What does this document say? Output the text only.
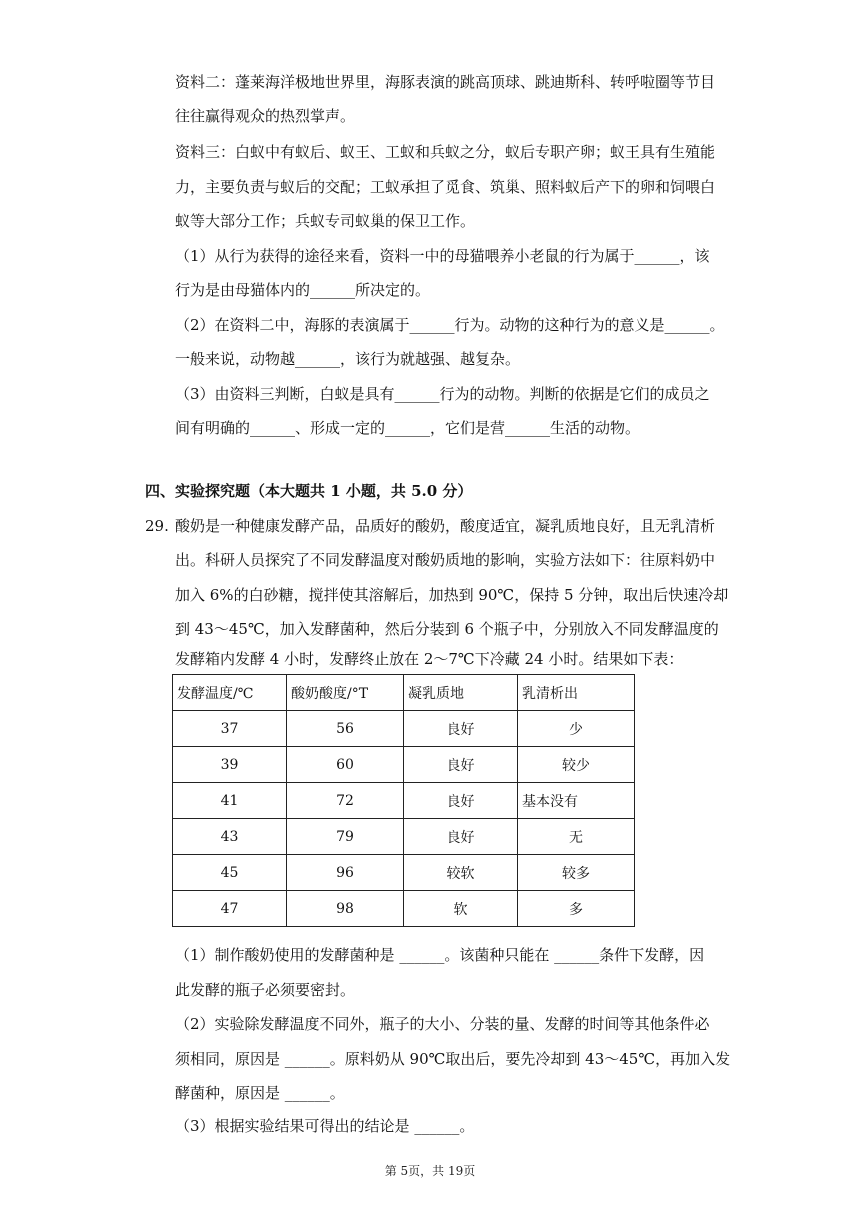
资料二：蓬莱海洋极地世界里，海豚表演的跳高顶球、跳迪斯科、转呼啦圈等节目
往往赢得观众的热烈掌声。
资料三：白蚁中有蚁后、蚁王、工蚁和兵蚁之分，蚁后专职产卵；蚁王具有生殖能
力，主要负责与蚁后的交配；工蚁承担了觅食、筑巢、照料蚁后产下的卵和饲喂白
蚁等大部分工作；兵蚁专司蚁巢的保卫工作。
（1）从行为获得的途径来看，资料一中的母猫喂养小老鼠的行为属于______，该
行为是由母猫体内的______所决定的。
（2）在资料二中，海豚的表演属于______行为。动物的这种行为的意义是______。
一般来说，动物越______，该行为就越强、越复杂。
（3）由资料三判断，白蚁是具有______行为的动物。判断的依据是它们的成员之
间有明确的______、形成一定的______，它们是营______生活的动物。
四、实验探究题（本大题共 1 小题，共 5.0 分）
29. 酸奶是一种健康发酵产品，品质好的酸奶，酸度适宜，凝乳质地良好，且无乳清析
出。科研人员探究了不同发酵温度对酸奶质地的影响，实验方法如下：往原料奶中
加入 6%的白砂糖，搅拌使其溶解后，加热到 90℃，保持 5 分钟，取出后快速冷却
到 43～45℃，加入发酵菌种，然后分装到 6 个瓶子中，分别放入不同发酵温度的
发酵箱内发酵 4 小时，发酵终止放在 2～7℃下冷藏 24 小时。结果如下表：
发酵温度/℃	酸奶酸度/°T	凝乳质地	乳清析出
37	56	良好	少
39	60	良好	较少
41	72	良好	基本没有
43	79	良好	无
45	96	较软	较多
47	98	软	多
（1）制作酸奶使用的发酵菌种是 ______。该菌种只能在 ______条件下发酵，因
此发酵的瓶子必须要密封。
（2）实验除发酵温度不同外，瓶子的大小、分装的量、发酵的时间等其他条件必
须相同，原因是 ______。原料奶从 90℃取出后，要先冷却到 43～45℃，再加入发
酵菌种，原因是 ______。
（3）根据实验结果可得出的结论是 ______。
第 5页，共 19页
